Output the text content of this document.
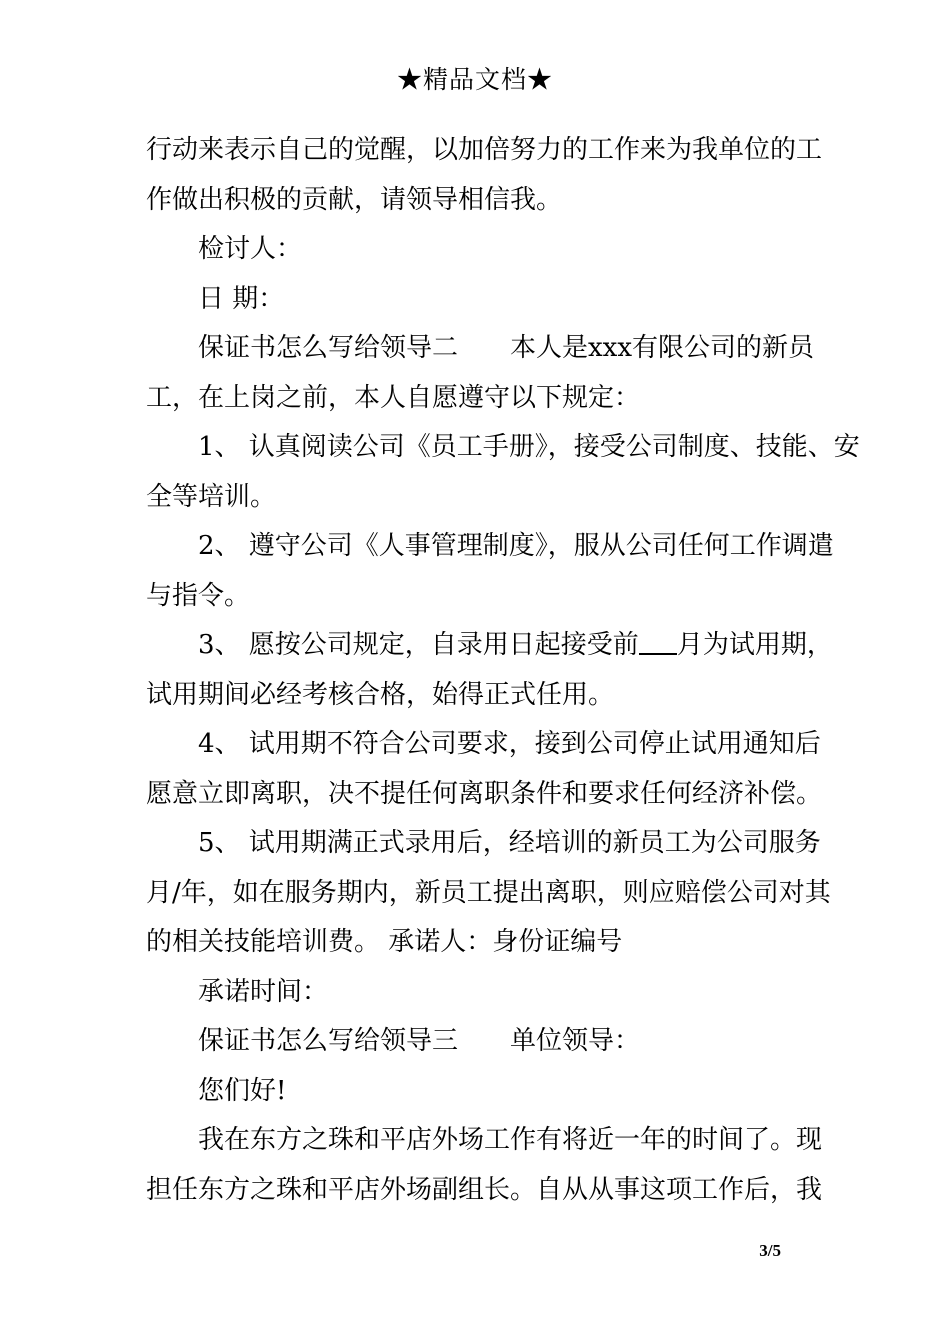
★精品文档★

行动来表示自己的觉醒，以加倍努力的工作来为我单位的工

作做出积极的贡献，请领导相信我。

检讨人：

日 期：

保证书怎么写给领导二 本人是xxx有限公司的新员

工，在上岗之前，本人自愿遵守以下规定：

1、 认真阅读公司《员工手册》，接受公司制度、技能、安

全等培训。

2、 遵守公司《人事管理制度》，服从公司任何工作调遣

与指令。

3、 愿按公司规定，自录用日起接受前 月为试用期，

试用期间必经考核合格，始得正式任用。

4、 试用期不符合公司要求，接到公司停止试用通知后

愿意立即离职，决不提任何离职条件和要求任何经济补偿。

5、 试用期满正式录用后，经培训的新员工为公司服务

月/年，如在服务期内，新员工提出离职，则应赔偿公司对其

的相关技能培训费。 承诺人：身份证编号

承诺时间：

保证书怎么写给领导三 单位领导：

您们好!

我在东方之珠和平店外场工作有将近一年的时间了。现

担任东方之珠和平店外场副组长。自从从事这项工作后，我

3/5
